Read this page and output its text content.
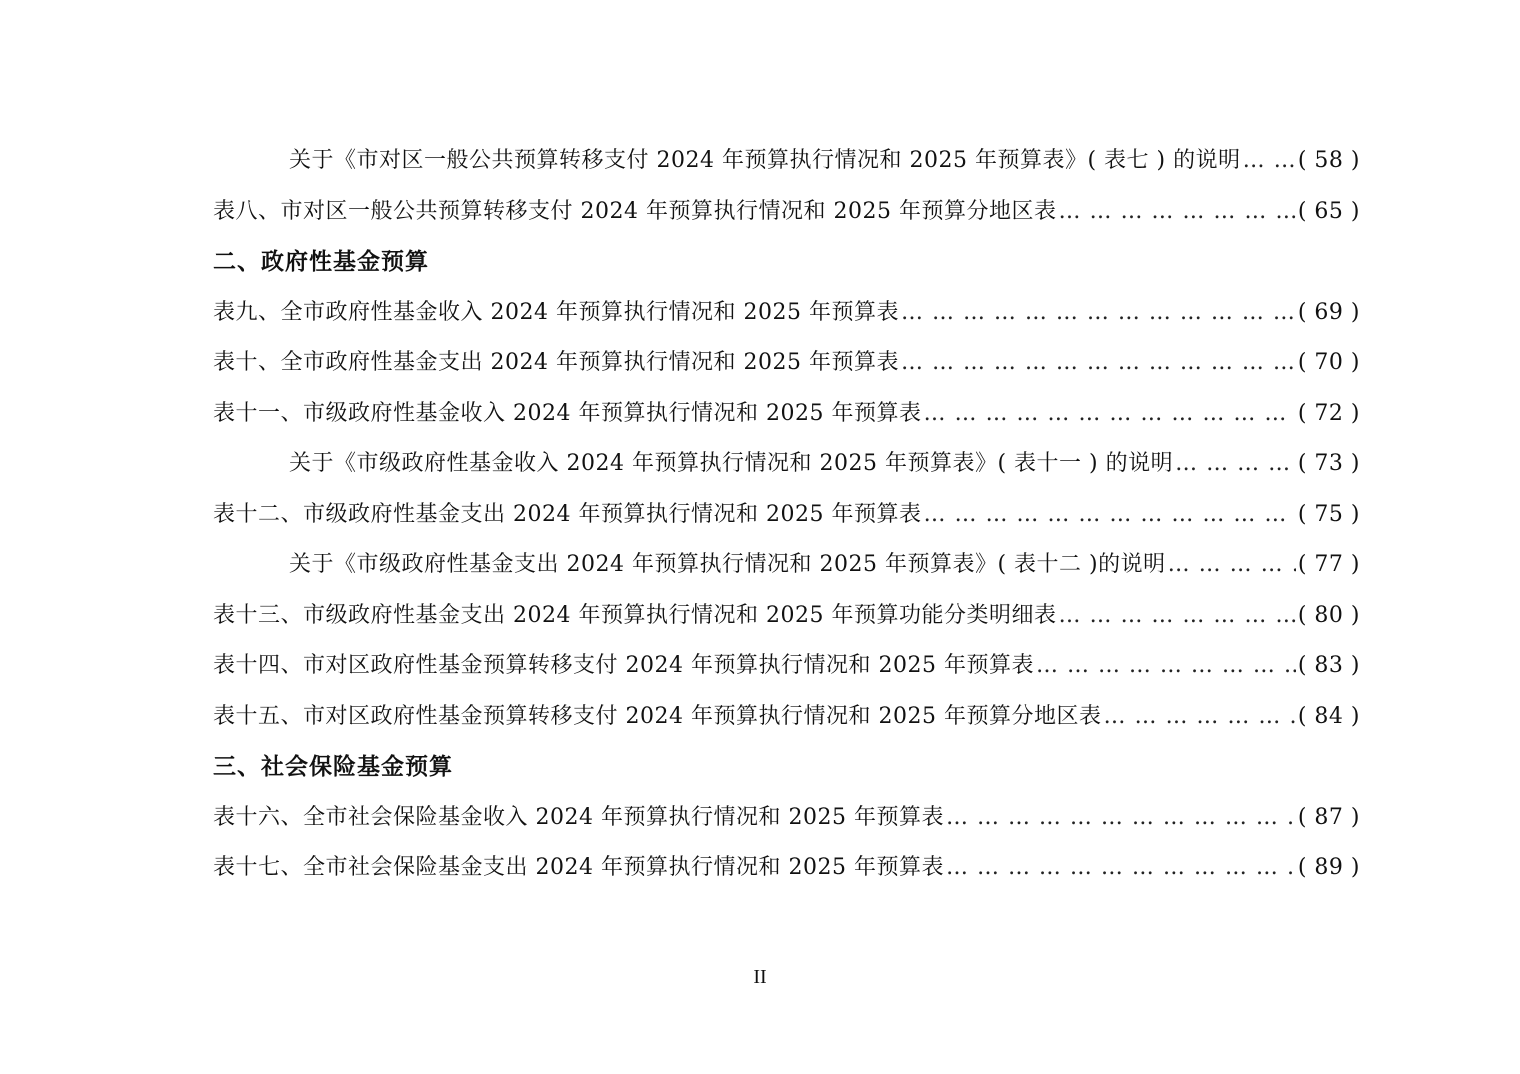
关于《市对区一般公共预算转移支付 2024 年预算执行情况和 2025 年预算表》( 表七 ) 的说明 … … … … … … … … … … … … … … … … … … … … … … … … … … … … … … … … … … … … … … … … … … … … … … … … … … … … … … …	( 58 )
表八、市对区一般公共预算转移支付 2024 年预算执行情况和 2025 年预算分地区表 … … … … … … … … … … … … … … … … … … … … … … … … … … … … … … … … … … … … … … … … … … … … … … … … … … … … … … …	( 65 )
二、政府性基金预算
表九、全市政府性基金收入 2024 年预算执行情况和 2025 年预算表 … … … … … … … … … … … … … … … … … … … … … … … … … … … … … … … … … … … … … … … … … … … … … … … … … … … … … … …	( 69 )
表十、全市政府性基金支出 2024 年预算执行情况和 2025 年预算表 … … … … … … … … … … … … … … … … … … … … … … … … … … … … … … … … … … … … … … … … … … … … … … … … … … … … … … …	( 70 )
表十一、市级政府性基金收入 2024 年预算执行情况和 2025 年预算表 … … … … … … … … … … … … … … … … … … … … … … … … … … … … … … … … … … … … … … … … … … … … … … … … … … … … … … …	( 72 )
关于《市级政府性基金收入 2024 年预算执行情况和 2025 年预算表》( 表十一 ) 的说明 … … … … … … … … … … … … … … … … … … … … … … … … … … … … … … … … … … … … … … … … … … … … … … … … … … … … … … …	( 73 )
表十二、市级政府性基金支出 2024 年预算执行情况和 2025 年预算表 … … … … … … … … … … … … … … … … … … … … … … … … … … … … … … … … … … … … … … … … … … … … … … … … … … … … … … …	( 75 )
关于《市级政府性基金支出 2024 年预算执行情况和 2025 年预算表》( 表十二 )的说明 … … … … … … … … … … … … … … … … … … … … … … … … … … … … … … … … … … … … … … … … … … … … … … … … … … … … … … …	( 77 )
表十三、市级政府性基金支出 2024 年预算执行情况和 2025 年预算功能分类明细表 … … … … … … … … … … … … … … … … … … … … … … … … … … … … … … … … … … … … … … … … … … … … … … … … … … … … … … …	( 80 )
表十四、市对区政府性基金预算转移支付 2024 年预算执行情况和 2025 年预算表 … … … … … … … … … … … … … … … … … … … … … … … … … … … … … … … … … … … … … … … … … … … … … … … … … … … … … … …	( 83 )
表十五、市对区政府性基金预算转移支付 2024 年预算执行情况和 2025 年预算分地区表 … … … … … … … … … … … … … … … … … … … … … … … … … … … … … … … … … … … … … … … … … … … … … … … … … … … … … … …	( 84 )
三、社会保险基金预算
表十六、全市社会保险基金收入 2024 年预算执行情况和 2025 年预算表 … … … … … … … … … … … … … … … … … … … … … … … … … … … … … … … … … … … … … … … … … … … … … … … … … … … … … … …	( 87 )
表十七、全市社会保险基金支出 2024 年预算执行情况和 2025 年预算表 … … … … … … … … … … … … … … … … … … … … … … … … … … … … … … … … … … … … … … … … … … … … … … … … … … … … … … …	( 89 )
II
